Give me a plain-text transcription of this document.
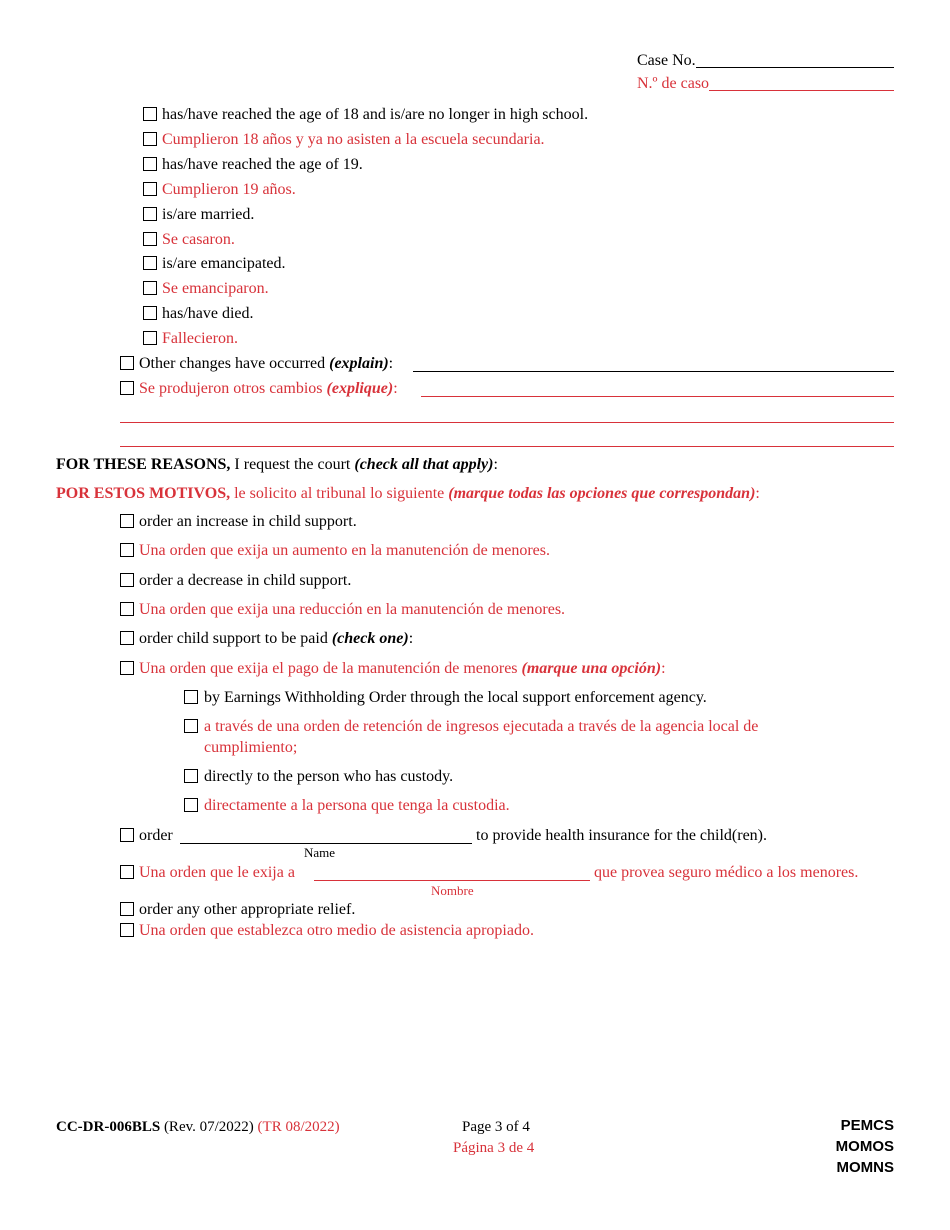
Case No.
N.º de caso
has/have reached the age of 18 and is/are no longer in high school.
Cumplieron 18 años y ya no asisten a la escuela secundaria.
has/have reached the age of 19.
Cumplieron 19 años.
is/are married.
Se casaron.
is/are emancipated.
Se emanciparon.
has/have died.
Fallecieron.
Other changes have occurred (explain):
Se produjeron otros cambios (explique):
FOR THESE REASONS, I request the court (check all that apply):
POR ESTOS MOTIVOS, le solicito al tribunal lo siguiente (marque todas las opciones que correspondan):
order an increase in child support.
Una orden que exija un aumento en la manutención de menores.
order a decrease in child support.
Una orden que exija una reducción en la manutención de menores.
order child support to be paid (check one):
Una orden que exija el pago de la manutención de menores (marque una opción):
by Earnings Withholding Order through the local support enforcement agency.
a través de una orden de retención de ingresos ejecutada a través de la agencia local de
cumplimiento;
directly to the person who has custody.
directamente a la persona que tenga la custodia.
order	to provide health insurance for the child(ren).
Name
Una orden que le exija a	que provea seguro médico a los menores.
Nombre
order any other appropriate relief.
Una orden que establezca otro medio de asistencia apropiado.
CC-DR-006BLS (Rev. 07/2022) (TR 08/2022)	Page 3 of 4
Página 3 de 4
PEMCS
MOMOS
MOMNS
